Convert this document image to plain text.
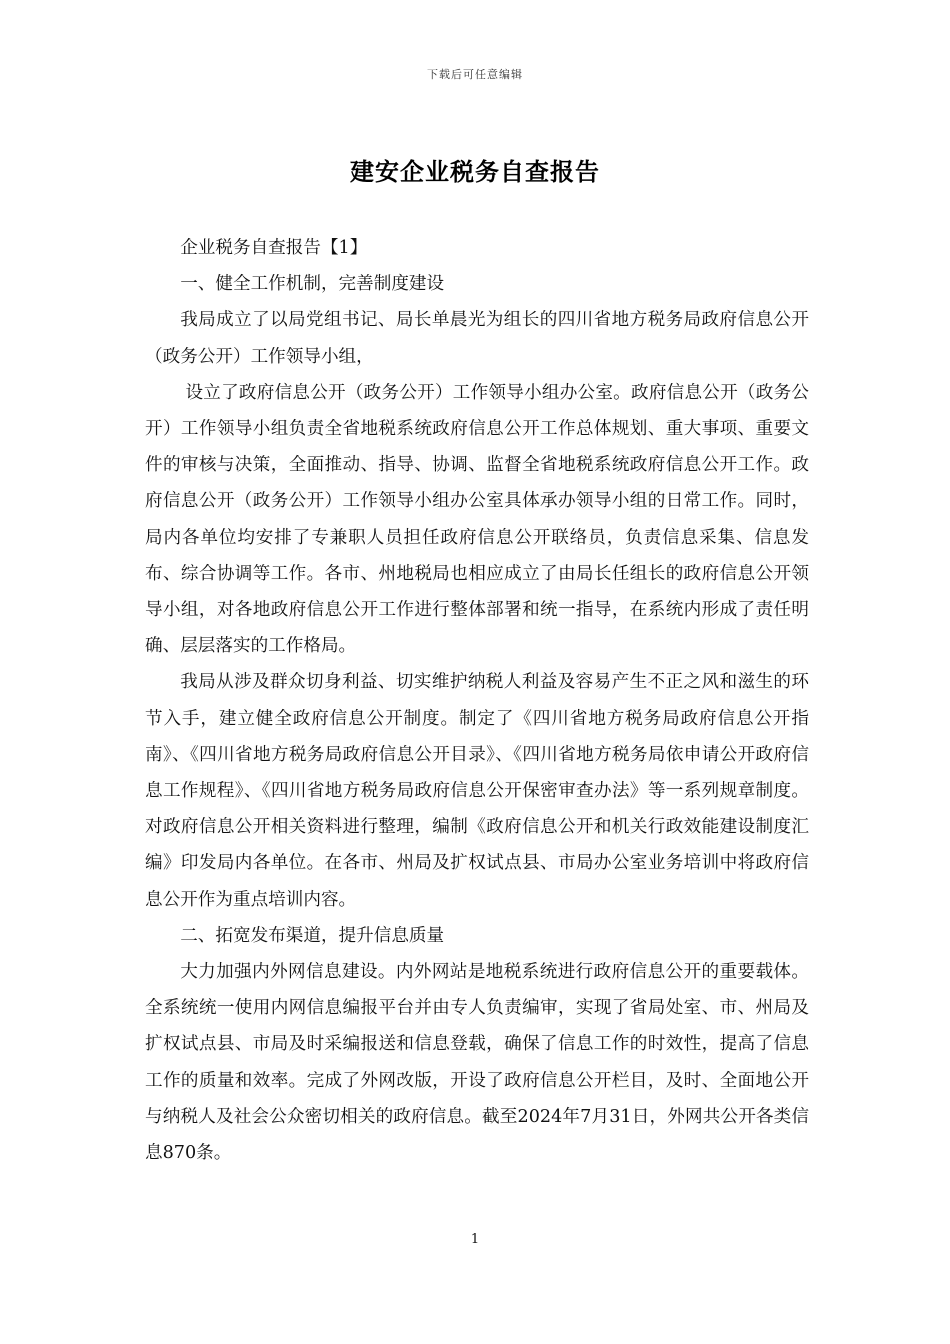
下载后可任意编辑
建安企业税务自查报告

企业税务自查报告【1】

一、健全工作机制，完善制度建设

我局成立了以局党组书记、局长单晨光为组长的四川省地方税务局政府信息公开（政务公开）工作领导小组，

设立了政府信息公开（政务公开）工作领导小组办公室。政府信息公开（政务公开）工作领导小组负责全省地税系统政府信息公开工作总体规划、重大事项、重要文件的审核与决策，全面推动、指导、协调、监督全省地税系统政府信息公开工作。政府信息公开（政务公开）工作领导小组办公室具体承办领导小组的日常工作。同时，局内各单位均安排了专兼职人员担任政府信息公开联络员，负责信息采集、信息发布、综合协调等工作。各市、州地税局也相应成立了由局长任组长的政府信息公开领导小组，对各地政府信息公开工作进行整体部署和统一指导，在系统内形成了责任明确、层层落实的工作格局。

我局从涉及群众切身利益、切实维护纳税人利益及容易产生不正之风和滋生的环节入手，建立健全政府信息公开制度。制定了《四川省地方税务局政府信息公开指南》、《四川省地方税务局政府信息公开目录》、《四川省地方税务局依申请公开政府信息工作规程》、《四川省地方税务局政府信息公开保密审查办法》等一系列规章制度。对政府信息公开相关资料进行整理，编制《政府信息公开和机关行政效能建设制度汇编》印发局内各单位。在各市、州局及扩权试点县、市局办公室业务培训中将政府信息公开作为重点培训内容。

二、拓宽发布渠道，提升信息质量

大力加强内外网信息建设。内外网站是地税系统进行政府信息公开的重要载体。全系统统一使用内网信息编报平台并由专人负责编审，实现了省局处室、市、州局及扩权试点县、市局及时采编报送和信息登载，确保了信息工作的时效性，提高了信息工作的质量和效率。完成了外网改版，开设了政府信息公开栏目，及时、全面地公开与纳税人及社会公众密切相关的政府信息。截至2024年7月31日，外网共公开各类信息870条。

1
